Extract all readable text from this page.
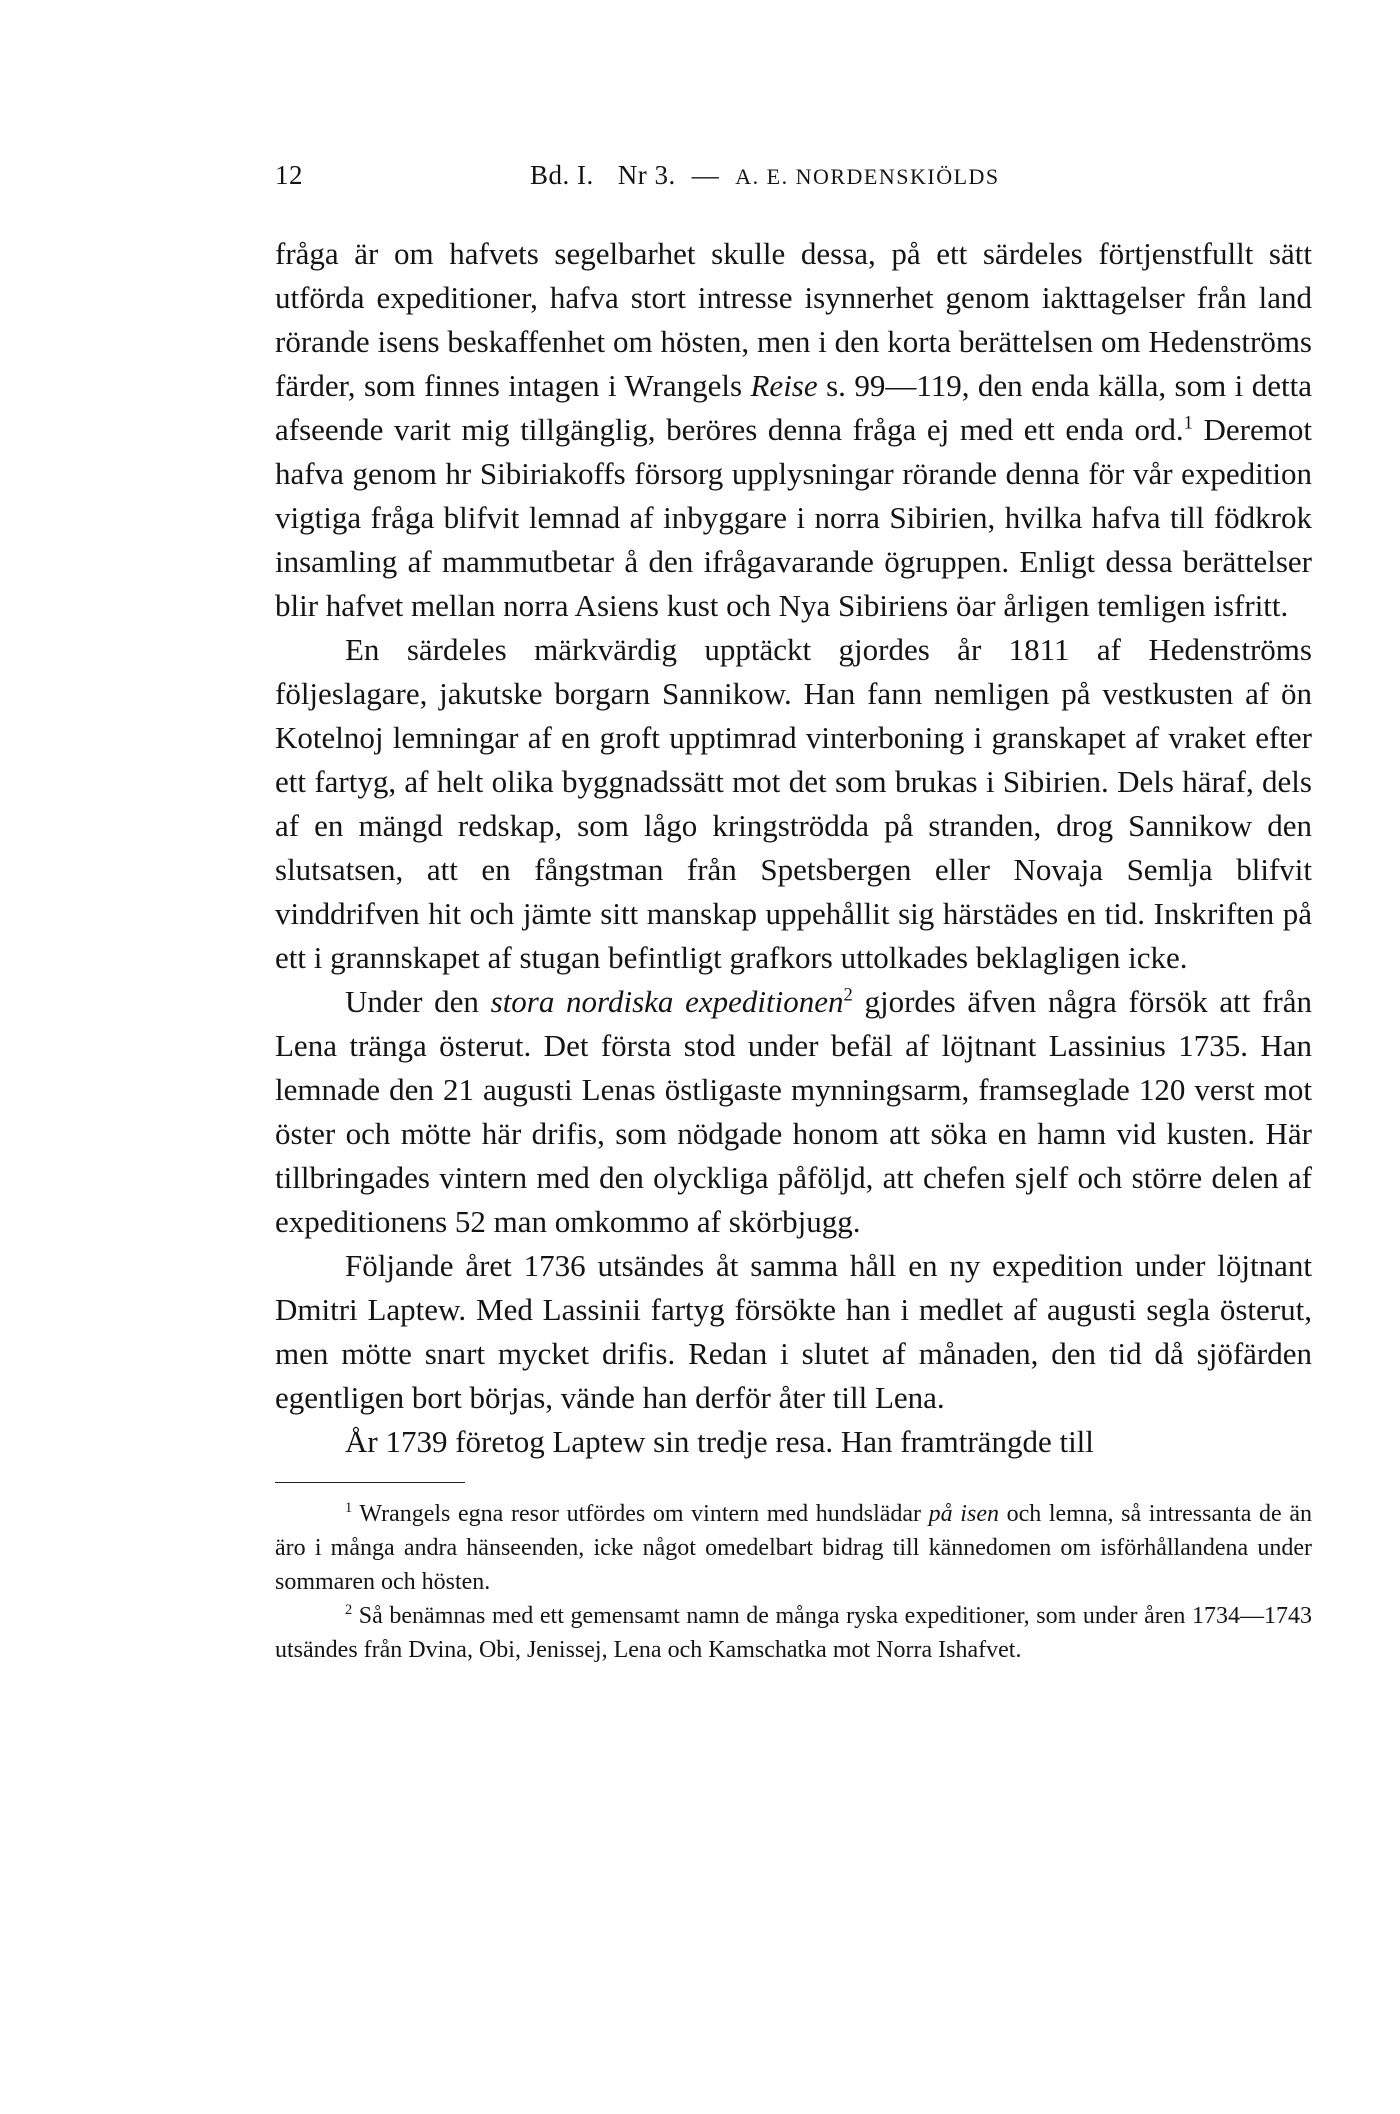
12	Bd. I. Nr 3. — A. E. NORDENSKIÖLDS

fråga är om hafvets segelbarhet skulle dessa, på ett särdeles förtjenstfullt sätt utförda expeditioner, hafva stort intresse isynnerhet genom iakttagelser från land rörande isens beskaffenhet om hösten, men i den korta berättelsen om Hedenströms färder, som finnes intagen i Wrangels Reise s. 99—119, den enda källa, som i detta afseende varit mig tillgänglig, beröres denna fråga ej med ett enda ord.$^1$ Deremot hafva genom hr Sibiriakoffs försorg upplysningar rörande denna för vår expedition vigtiga fråga blifvit lemnad af inbyggare i norra Sibirien, hvilka hafva till födkrok insamling af mammutbetar å den ifrågavarande ögruppen. Enligt dessa berättelser blir hafvet mellan norra Asiens kust och Nya Sibiriens öar årligen temligen isfritt.

En särdeles märkvärdig upptäckt gjordes år 1811 af Hedenströms följeslagare, jakutske borgarn Sannikow. Han fann nemligen på vestkusten af ön Kotelnoj lemningar af en groft upptimrad vinterboning i granskapet af vraket efter ett fartyg, af helt olika byggnadssätt mot det som brukas i Sibirien. Dels häraf, dels af en mängd redskap, som lågo kringströdda på stranden, drog Sannikow den slutsatsen, att en fångstman från Spetsbergen eller Novaja Semlja blifvit vinddrifven hit och jämte sitt manskap uppehållit sig härstädes en tid. Inskriften på ett i grannskapet af stugan befintligt grafkors uttolkades beklagligen icke.

Under den stora nordiska expeditionen$^2$ gjordes äfven några försök att från Lena tränga österut. Det första stod under befäl af löjtnant Lassinius 1735. Han lemnade den 21 augusti Lenas östligaste mynningsarm, framseglade 120 verst mot öster och mötte här drifis, som nödgade honom att söka en hamn vid kusten. Här tillbringades vintern med den olyckliga påföljd, att chefen sjelf och större delen af expeditionens 52 man omkommo af skörbjugg.

Följande året 1736 utsändes åt samma håll en ny expedition under löjtnant Dmitri Laptew. Med Lassinii fartyg försökte han i medlet af augusti segla österut, men mötte snart mycket drifis. Redan i slutet af månaden, den tid då sjöfärden egentligen bort börjas, vände han derför åter till Lena.

År 1739 företog Laptew sin tredje resa. Han framträngde till

$^1$ Wrangels egna resor utfördes om vintern med hundslädar på isen och lemna, så intressanta de än äro i många andra hänseenden, icke något omedelbart bidrag till kännedomen om isförhållandena under sommaren och hösten.

$^2$ Så benämnas med ett gemensamt namn de många ryska expeditioner, som under åren 1734—1743 utsändes från Dvina, Obi, Jenissej, Lena och Kamschatka mot Norra Ishafvet.
